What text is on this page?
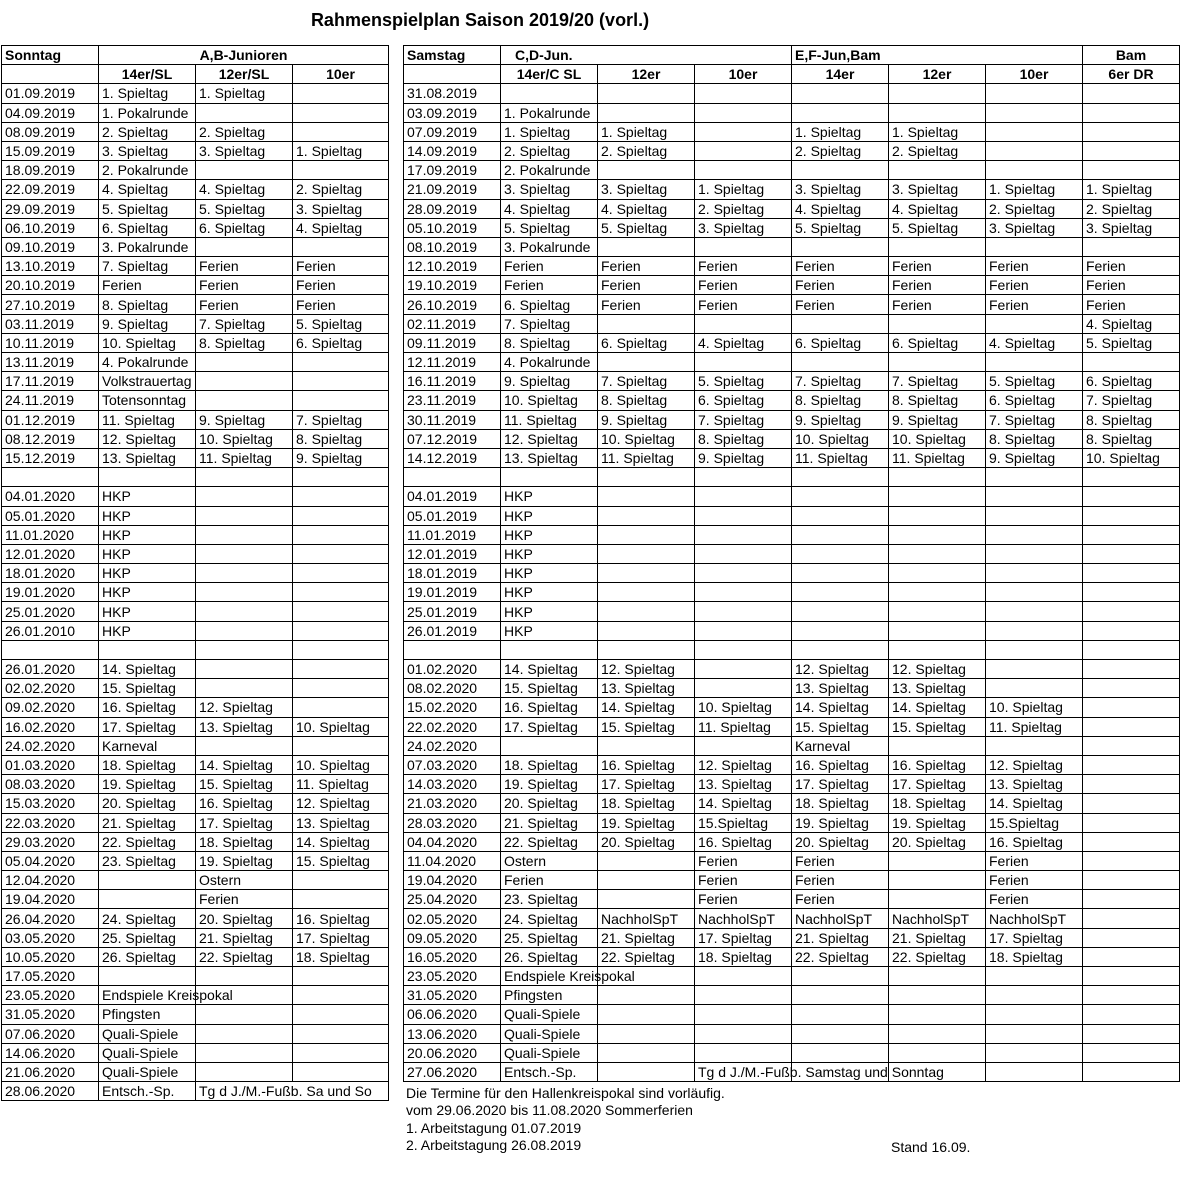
Rahmenspielplan Saison 2019/20 (vorl.)
Sonntag	A,B-Junioren		
	14er/SL	12er/SL	10er
01.09.2019	1. Spieltag	1. Spieltag	
04.09.2019	1. Pokalrunde		
08.09.2019	2. Spieltag	2. Spieltag	
15.09.2019	3. Spieltag	3. Spieltag	1. Spieltag
18.09.2019	2. Pokalrunde		
22.09.2019	4. Spieltag	4. Spieltag	2. Spieltag
29.09.2019	5. Spieltag	5. Spieltag	3. Spieltag
06.10.2019	6. Spieltag	6. Spieltag	4. Spieltag
09.10.2019	3. Pokalrunde		
13.10.2019	7. Spieltag	Ferien	Ferien
20.10.2019	Ferien	Ferien	Ferien
27.10.2019	8. Spieltag	Ferien	Ferien
03.11.2019	9. Spieltag	7. Spieltag	5. Spieltag
10.11.2019	10. Spieltag	8. Spieltag	6. Spieltag
13.11.2019	4. Pokalrunde		
17.11.2019	Volkstrauertag		
24.11.2019	Totensonntag		
01.12.2019	11. Spieltag	9. Spieltag	7. Spieltag
08.12.2019	12. Spieltag	10. Spieltag	8. Spieltag
15.12.2019	13. Spieltag	11. Spieltag	9. Spieltag

04.01.2020	HKP		
05.01.2020	HKP		
11.01.2020	HKP		
12.01.2020	HKP		
18.01.2020	HKP		
19.01.2020	HKP		
25.01.2020	HKP		
26.01.2010	HKP		

26.01.2020	14. Spieltag		
02.02.2020	15. Spieltag		
09.02.2020	16. Spieltag	12. Spieltag	
16.02.2020	17. Spieltag	13. Spieltag	10. Spieltag
24.02.2020	Karneval		
01.03.2020	18. Spieltag	14. Spieltag	10. Spieltag
08.03.2020	19. Spieltag	15. Spieltag	11. Spieltag
15.03.2020	20. Spieltag	16. Spieltag	12. Spieltag
22.03.2020	21. Spieltag	17. Spieltag	13. Spieltag
29.03.2020	22. Spieltag	18. Spieltag	14. Spieltag
05.04.2020	23. Spieltag	19. Spieltag	15. Spieltag
12.04.2020		Ostern	
19.04.2020		Ferien	
26.04.2020	24. Spieltag	20. Spieltag	16. Spieltag
03.05.2020	25. Spieltag	21. Spieltag	17. Spieltag
10.05.2020	26. Spieltag	22. Spieltag	18. Spieltag
17.05.2020			
23.05.2020	Endspiele Kreispokal		
31.05.2020	Pfingsten		
07.06.2020	Quali-Spiele		
14.06.2020	Quali-Spiele		
21.06.2020	Quali-Spiele		
28.06.2020	Entsch.-Sp.	Tg d J./M.-Fußb. Sa und So	
Samstag	C,D-Jun.			E,F-Jun,Bam			Bam
	14er/C SL	12er	10er	14er	12er	10er	6er DR
31.08.2019							
03.09.2019	1. Pokalrunde						
07.09.2019	1. Spieltag	1. Spieltag		1. Spieltag	1. Spieltag		
14.09.2019	2. Spieltag	2. Spieltag		2. Spieltag	2. Spieltag		
17.09.2019	2. Pokalrunde						
21.09.2019	3. Spieltag	3. Spieltag	1. Spieltag	3. Spieltag	3. Spieltag	1. Spieltag	1. Spieltag
28.09.2019	4. Spieltag	4. Spieltag	2. Spieltag	4. Spieltag	4. Spieltag	2. Spieltag	2. Spieltag
05.10.2019	5. Spieltag	5. Spieltag	3. Spieltag	5. Spieltag	5. Spieltag	3. Spieltag	3. Spieltag
08.10.2019	3. Pokalrunde						
12.10.2019	Ferien	Ferien	Ferien	Ferien	Ferien	Ferien	Ferien
19.10.2019	Ferien	Ferien	Ferien	Ferien	Ferien	Ferien	Ferien
26.10.2019	6. Spieltag	Ferien	Ferien	Ferien	Ferien	Ferien	Ferien
02.11.2019	7. Spieltag						4. Spieltag
09.11.2019	8. Spieltag	6. Spieltag	4. Spieltag	6. Spieltag	6. Spieltag	4. Spieltag	5. Spieltag
12.11.2019	4. Pokalrunde						
16.11.2019	9. Spieltag	7. Spieltag	5. Spieltag	7. Spieltag	7. Spieltag	5. Spieltag	6. Spieltag
23.11.2019	10. Spieltag	8. Spieltag	6. Spieltag	8. Spieltag	8. Spieltag	6. Spieltag	7. Spieltag
30.11.2019	11. Spieltag	9. Spieltag	7. Spieltag	9. Spieltag	9. Spieltag	7. Spieltag	8. Spieltag
07.12.2019	12. Spieltag	10. Spieltag	8. Spieltag	10. Spieltag	10. Spieltag	8. Spieltag	8. Spieltag
14.12.2019	13. Spieltag	11. Spieltag	9. Spieltag	11. Spieltag	11. Spieltag	9. Spieltag	10. Spieltag

04.01.2019	HKP						
05.01.2019	HKP						
11.01.2019	HKP						
12.01.2019	HKP						
18.01.2019	HKP						
19.01.2019	HKP						
25.01.2019	HKP						
26.01.2019	HKP						

01.02.2020	14. Spieltag	12. Spieltag		12. Spieltag	12. Spieltag		
08.02.2020	15. Spieltag	13. Spieltag		13. Spieltag	13. Spieltag		
15.02.2020	16. Spieltag	14. Spieltag	10. Spieltag	14. Spieltag	14. Spieltag	10. Spieltag	
22.02.2020	17. Spieltag	15. Spieltag	11. Spieltag	15. Spieltag	15. Spieltag	11. Spieltag	
24.02.2020				Karneval			
07.03.2020	18. Spieltag	16. Spieltag	12. Spieltag	16. Spieltag	16. Spieltag	12. Spieltag	
14.03.2020	19. Spieltag	17. Spieltag	13. Spieltag	17. Spieltag	17. Spieltag	13. Spieltag	
21.03.2020	20. Spieltag	18. Spieltag	14. Spieltag	18. Spieltag	18. Spieltag	14. Spieltag	
28.03.2020	21. Spieltag	19. Spieltag	15.Spieltag	19. Spieltag	19. Spieltag	15.Spieltag	
04.04.2020	22. Spieltag	20. Spieltag	16. Spieltag	20. Spieltag	20. Spieltag	16. Spieltag	
11.04.2020	Ostern		Ferien	Ferien		Ferien	
19.04.2020	Ferien		Ferien	Ferien		Ferien	
25.04.2020	23. Spieltag		Ferien	Ferien		Ferien	
02.05.2020	24. Spieltag	NachholSpT	NachholSpT	NachholSpT	NachholSpT	NachholSpT	
09.05.2020	25. Spieltag	21. Spieltag	17. Spieltag	21. Spieltag	21. Spieltag	17. Spieltag	
16.05.2020	26. Spieltag	22. Spieltag	18. Spieltag	22. Spieltag	22. Spieltag	18. Spieltag	
23.05.2020	Endspiele Kreispokal						
31.05.2020	Pfingsten						
06.06.2020	Quali-Spiele						
13.06.2020	Quali-Spiele						
20.06.2020	Quali-Spiele						
27.06.2020	Entsch.-Sp.		Tg d J./M.-Fußb. Samstag und Sonntag				
Die Termine für den Hallenkreispokal sind vorläufig.
vom 29.06.2020 bis 11.08.2020 Sommerferien
1. Arbeitstagung 01.07.2019
2. Arbeitstagung 26.08.2019	Stand 16.09.
